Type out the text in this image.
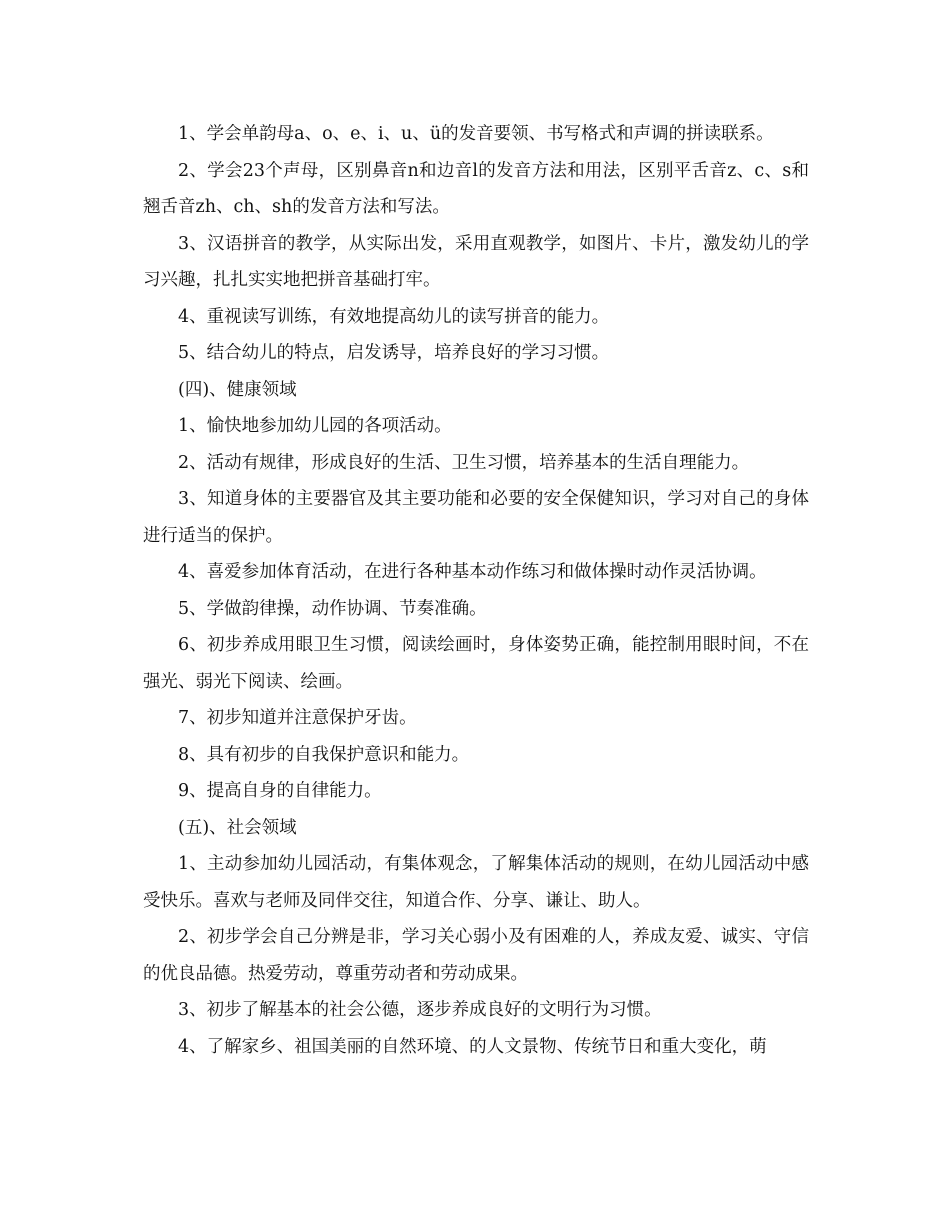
1、学会单韵母a、o、e、i、u、ü的发音要领、书写格式和声调的拼读联系。

2、学会23个声母，区别鼻音n和边音l的发音方法和用法，区别平舌音z、c、s和翘舌音zh、ch、sh的发音方法和写法。

3、汉语拼音的教学，从实际出发，采用直观教学，如图片、卡片，激发幼儿的学习兴趣，扎扎实实地把拼音基础打牢。

4、重视读写训练，有效地提高幼儿的读写拼音的能力。

5、结合幼儿的特点，启发诱导，培养良好的学习习惯。

(四)、健康领域

1、愉快地参加幼儿园的各项活动。

2、活动有规律，形成良好的生活、卫生习惯，培养基本的生活自理能力。

3、知道身体的主要器官及其主要功能和必要的安全保健知识，学习对自己的身体进行适当的保护。

4、喜爱参加体育活动，在进行各种基本动作练习和做体操时动作灵活协调。

5、学做韵律操，动作协调、节奏准确。

6、初步养成用眼卫生习惯，阅读绘画时，身体姿势正确，能控制用眼时间，不在强光、弱光下阅读、绘画。

7、初步知道并注意保护牙齿。

8、具有初步的自我保护意识和能力。

9、提高自身的自律能力。

(五)、社会领域

1、主动参加幼儿园活动，有集体观念，了解集体活动的规则，在幼儿园活动中感受快乐。喜欢与老师及同伴交往，知道合作、分享、谦让、助人。

2、初步学会自己分辨是非，学习关心弱小及有困难的人，养成友爱、诚实、守信的优良品德。热爱劳动，尊重劳动者和劳动成果。

3、初步了解基本的社会公德，逐步养成良好的文明行为习惯。

4、了解家乡、祖国美丽的自然环境、的人文景物、传统节日和重大变化，萌
